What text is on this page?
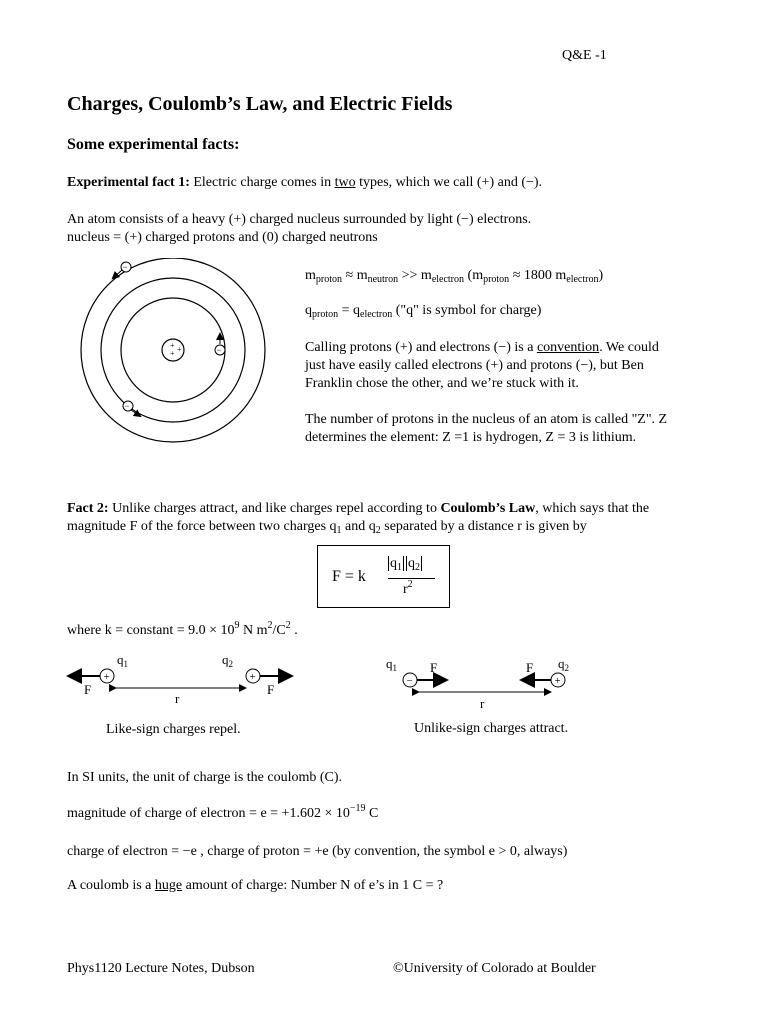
Q&E -1
Charges, Coulomb’s Law, and Electric Fields
Some experimental facts:
Experimental fact 1: Electric charge comes in two types, which we call (+) and (−).
An atom consists of a heavy (+) charged nucleus surrounded by light (−) electrons.
nucleus = (+) charged protons and (0) charged neutrons
+ +
+
−
−
−
$m_{proton} \approx m_{neutron} >> m_{electron}$ ($m_{proton} \approx 1800$ $m_{electron}$)
$q_{proton} = q_{electron}$ ("q" is symbol for charge)
Calling protons (+) and electrons (−) is a convention. We could
just have easily called electrons (+) and protons (−), but Ben
Franklin chose the other, and we’re stuck with it.
The number of protons in the nucleus of an atom is called "Z". Z
determines the element: Z =1 is hydrogen, Z = 3 is lithium.
Fact 2: Unlike charges attract, and like charges repel according to Coulomb’s Law, which says that the
magnitude F of the force between two charges $q_1$ and $q_2$ separated by a distance r is given by
F = k
$q_1$ $q_2$
$r^2$
where k = constant = $9.0 \times 10^9$ N $m^2/C^2$ .
+	+
$q_1$	$q_2$
F	F
r
Like-sign charges repel.
−	+
$q_1$	$q_2$
F	F
r
Unlike-sign charges attract.
In SI units, the unit of charge is the coulomb (C).
magnitude of charge of electron = $e = +1.602 \times 10^{-19}$ C
charge of electron = −e , charge of proton = +e (by convention, the symbol e > 0, always)
A coulomb is a huge amount of charge: Number N of e’s in 1 C = ?
Phys1120 Lecture Notes, Dubson	©University of Colorado at Boulder
